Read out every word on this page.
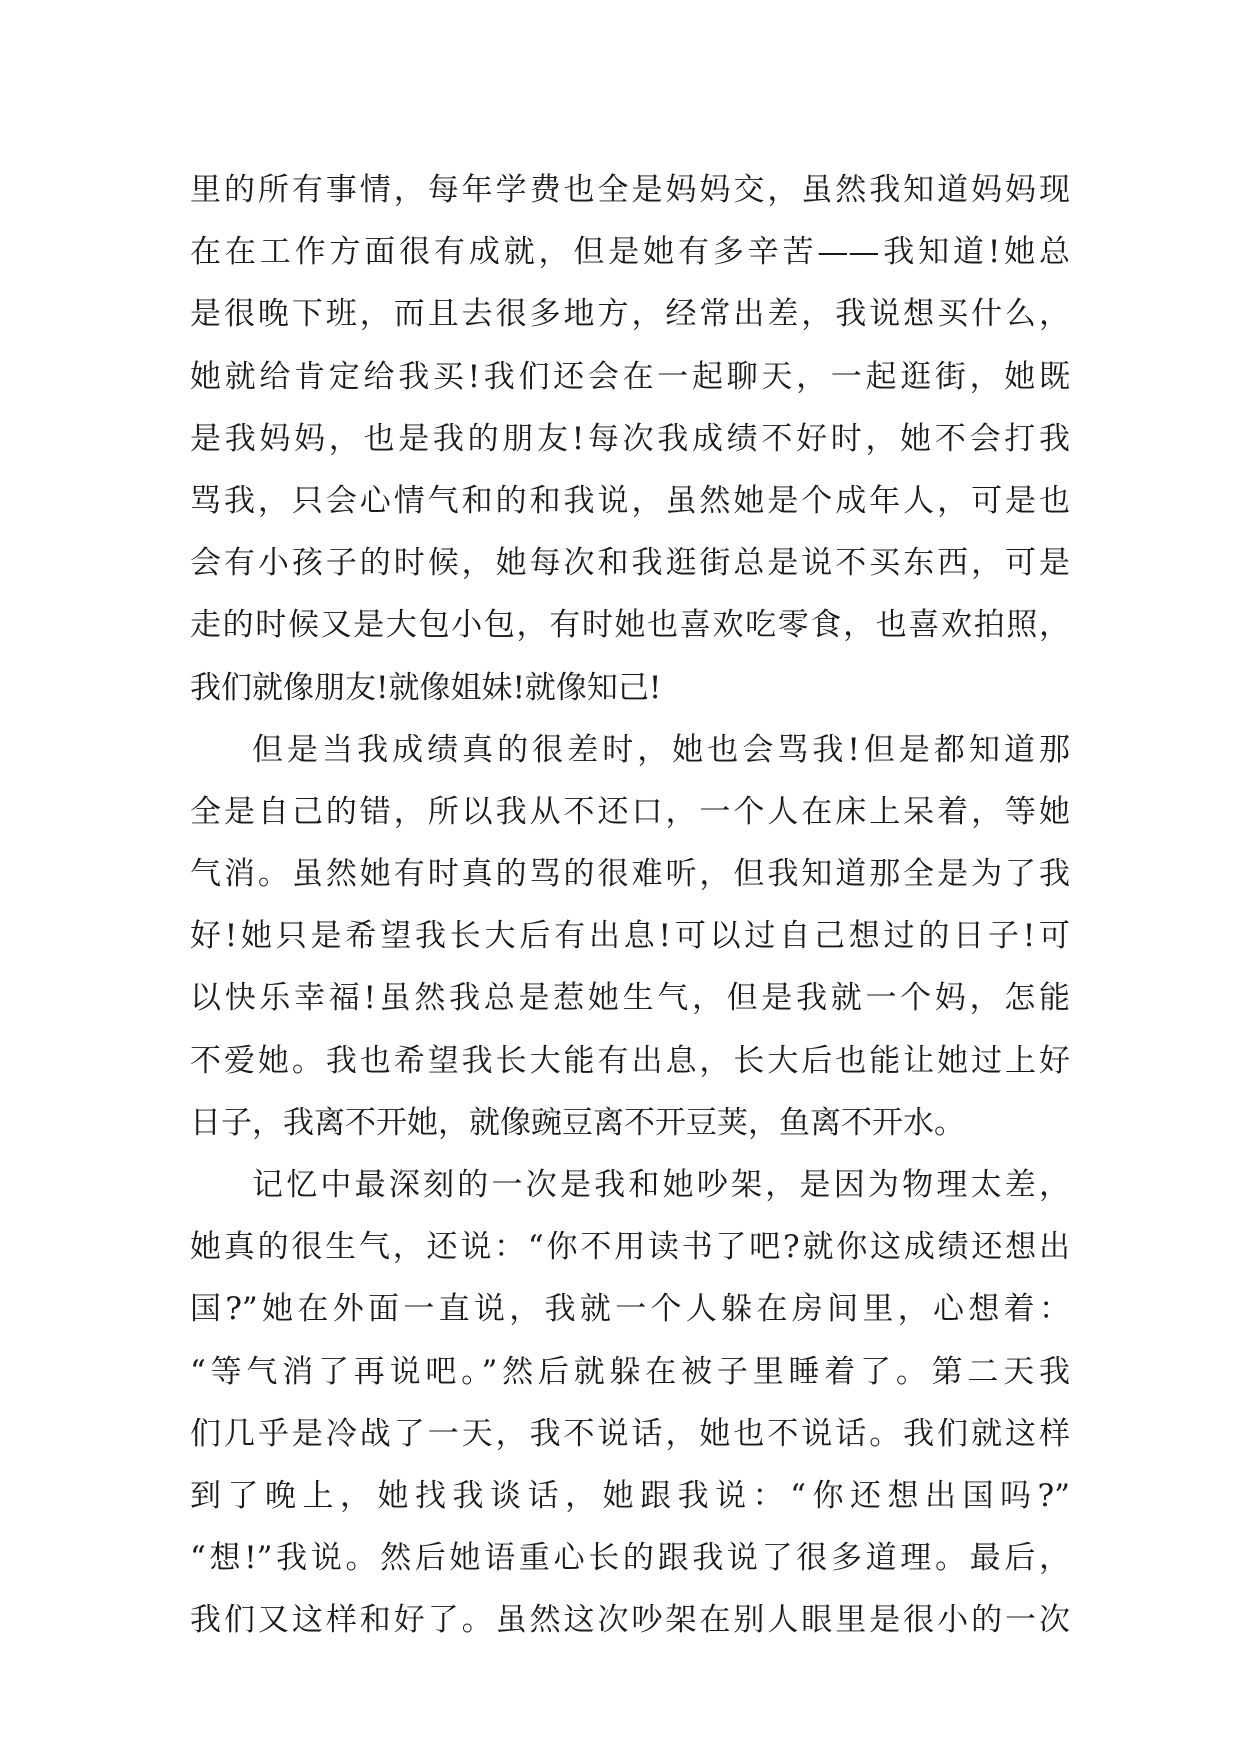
里的所有事情，每年学费也全是妈妈交，虽然我知道妈妈现
在在工作方面很有成就，但是她有多辛苦——我知道!她总
是很晚下班，而且去很多地方，经常出差，我说想买什么，
她就给肯定给我买!我们还会在一起聊天，一起逛街，她既
是我妈妈，也是我的朋友!每次我成绩不好时，她不会打我
骂我，只会心情气和的和我说，虽然她是个成年人，可是也
会有小孩子的时候，她每次和我逛街总是说不买东西，可是
走的时候又是大包小包，有时她也喜欢吃零食，也喜欢拍照，
我们就像朋友!就像姐妹!就像知己!
但是当我成绩真的很差时，她也会骂我!但是都知道那
全是自己的错，所以我从不还口，一个人在床上呆着，等她
气消。虽然她有时真的骂的很难听，但我知道那全是为了我
好!她只是希望我长大后有出息!可以过自己想过的日子!可
以快乐幸福!虽然我总是惹她生气，但是我就一个妈，怎能
不爱她。我也希望我长大能有出息，长大后也能让她过上好
日子，我离不开她，就像豌豆离不开豆荚，鱼离不开水。
记忆中最深刻的一次是我和她吵架，是因为物理太差，
她真的很生气，还说：“你不用读书了吧?就你这成绩还想出
国?”她在外面一直说，我就一个人躲在房间里，心想着：
“等气消了再说吧。”然后就躲在被子里睡着了。第二天我
们几乎是冷战了一天，我不说话，她也不说话。我们就这样
到了晚上，她找我谈话，她跟我说：“你还想出国吗?”
“想!”我说。然后她语重心长的跟我说了很多道理。最后，
我们又这样和好了。虽然这次吵架在别人眼里是很小的一次
